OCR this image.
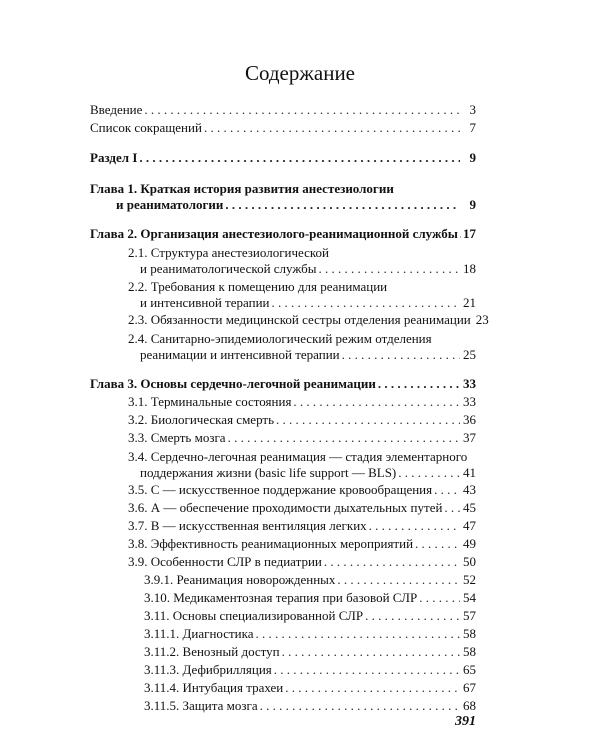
Содержание
Введение . . .	3
Список сокращений . . .	7
Раздел I . . .	9
Глава 1. Краткая история развития анестезиологии
и реаниматологии . . .	9
Глава 2. Организация анестезиолого-реанимационной службы . . . 17
2.1. Структура анестезиологической
и реаниматологической службы . . .	18
2.2. Требования к помещению для реанимации
и интенсивной терапии . . .	21
2.3. Обязанности медицинской сестры отделения реанимации 23
2.4. Санитарно-эпидемиологический режим отделения
реанимации и интенсивной терапии . . .	25
Глава 3. Основы сердечно-легочной реанимации . . .	33
3.1. Терминальные состояния . . .	33
3.2. Биологическая смерть . . .	36
3.3. Смерть мозга . . .	37
3.4. Сердечно-легочная реанимация — стадия элементарного
поддержания жизни (basic life support — BLS) . . .	41
3.5. С — искусственное поддержание кровообращения . . . 43
3.6. А — обеспечение проходимости дыхательных путей . . . 45
3.7. В — искусственная вентиляция легких . . .	47
3.8. Эффективность реанимационных мероприятий . . .	49
3.9. Особенности СЛР в педиатрии . . .	50
3.9.1. Реанимация новорожденных . . .	52
3.10. Медикаментозная терапия при базовой СЛР . . .	54
3.11. Основы специализированной СЛР . . .	57
3.11.1. Диагностика . . .	58
3.11.2. Венозный доступ . . .	58
3.11.3. Дефибрилляция . . .	65
3.11.4. Интубация трахеи . . .	67
3.11.5. Защита мозга . . .	68
391
